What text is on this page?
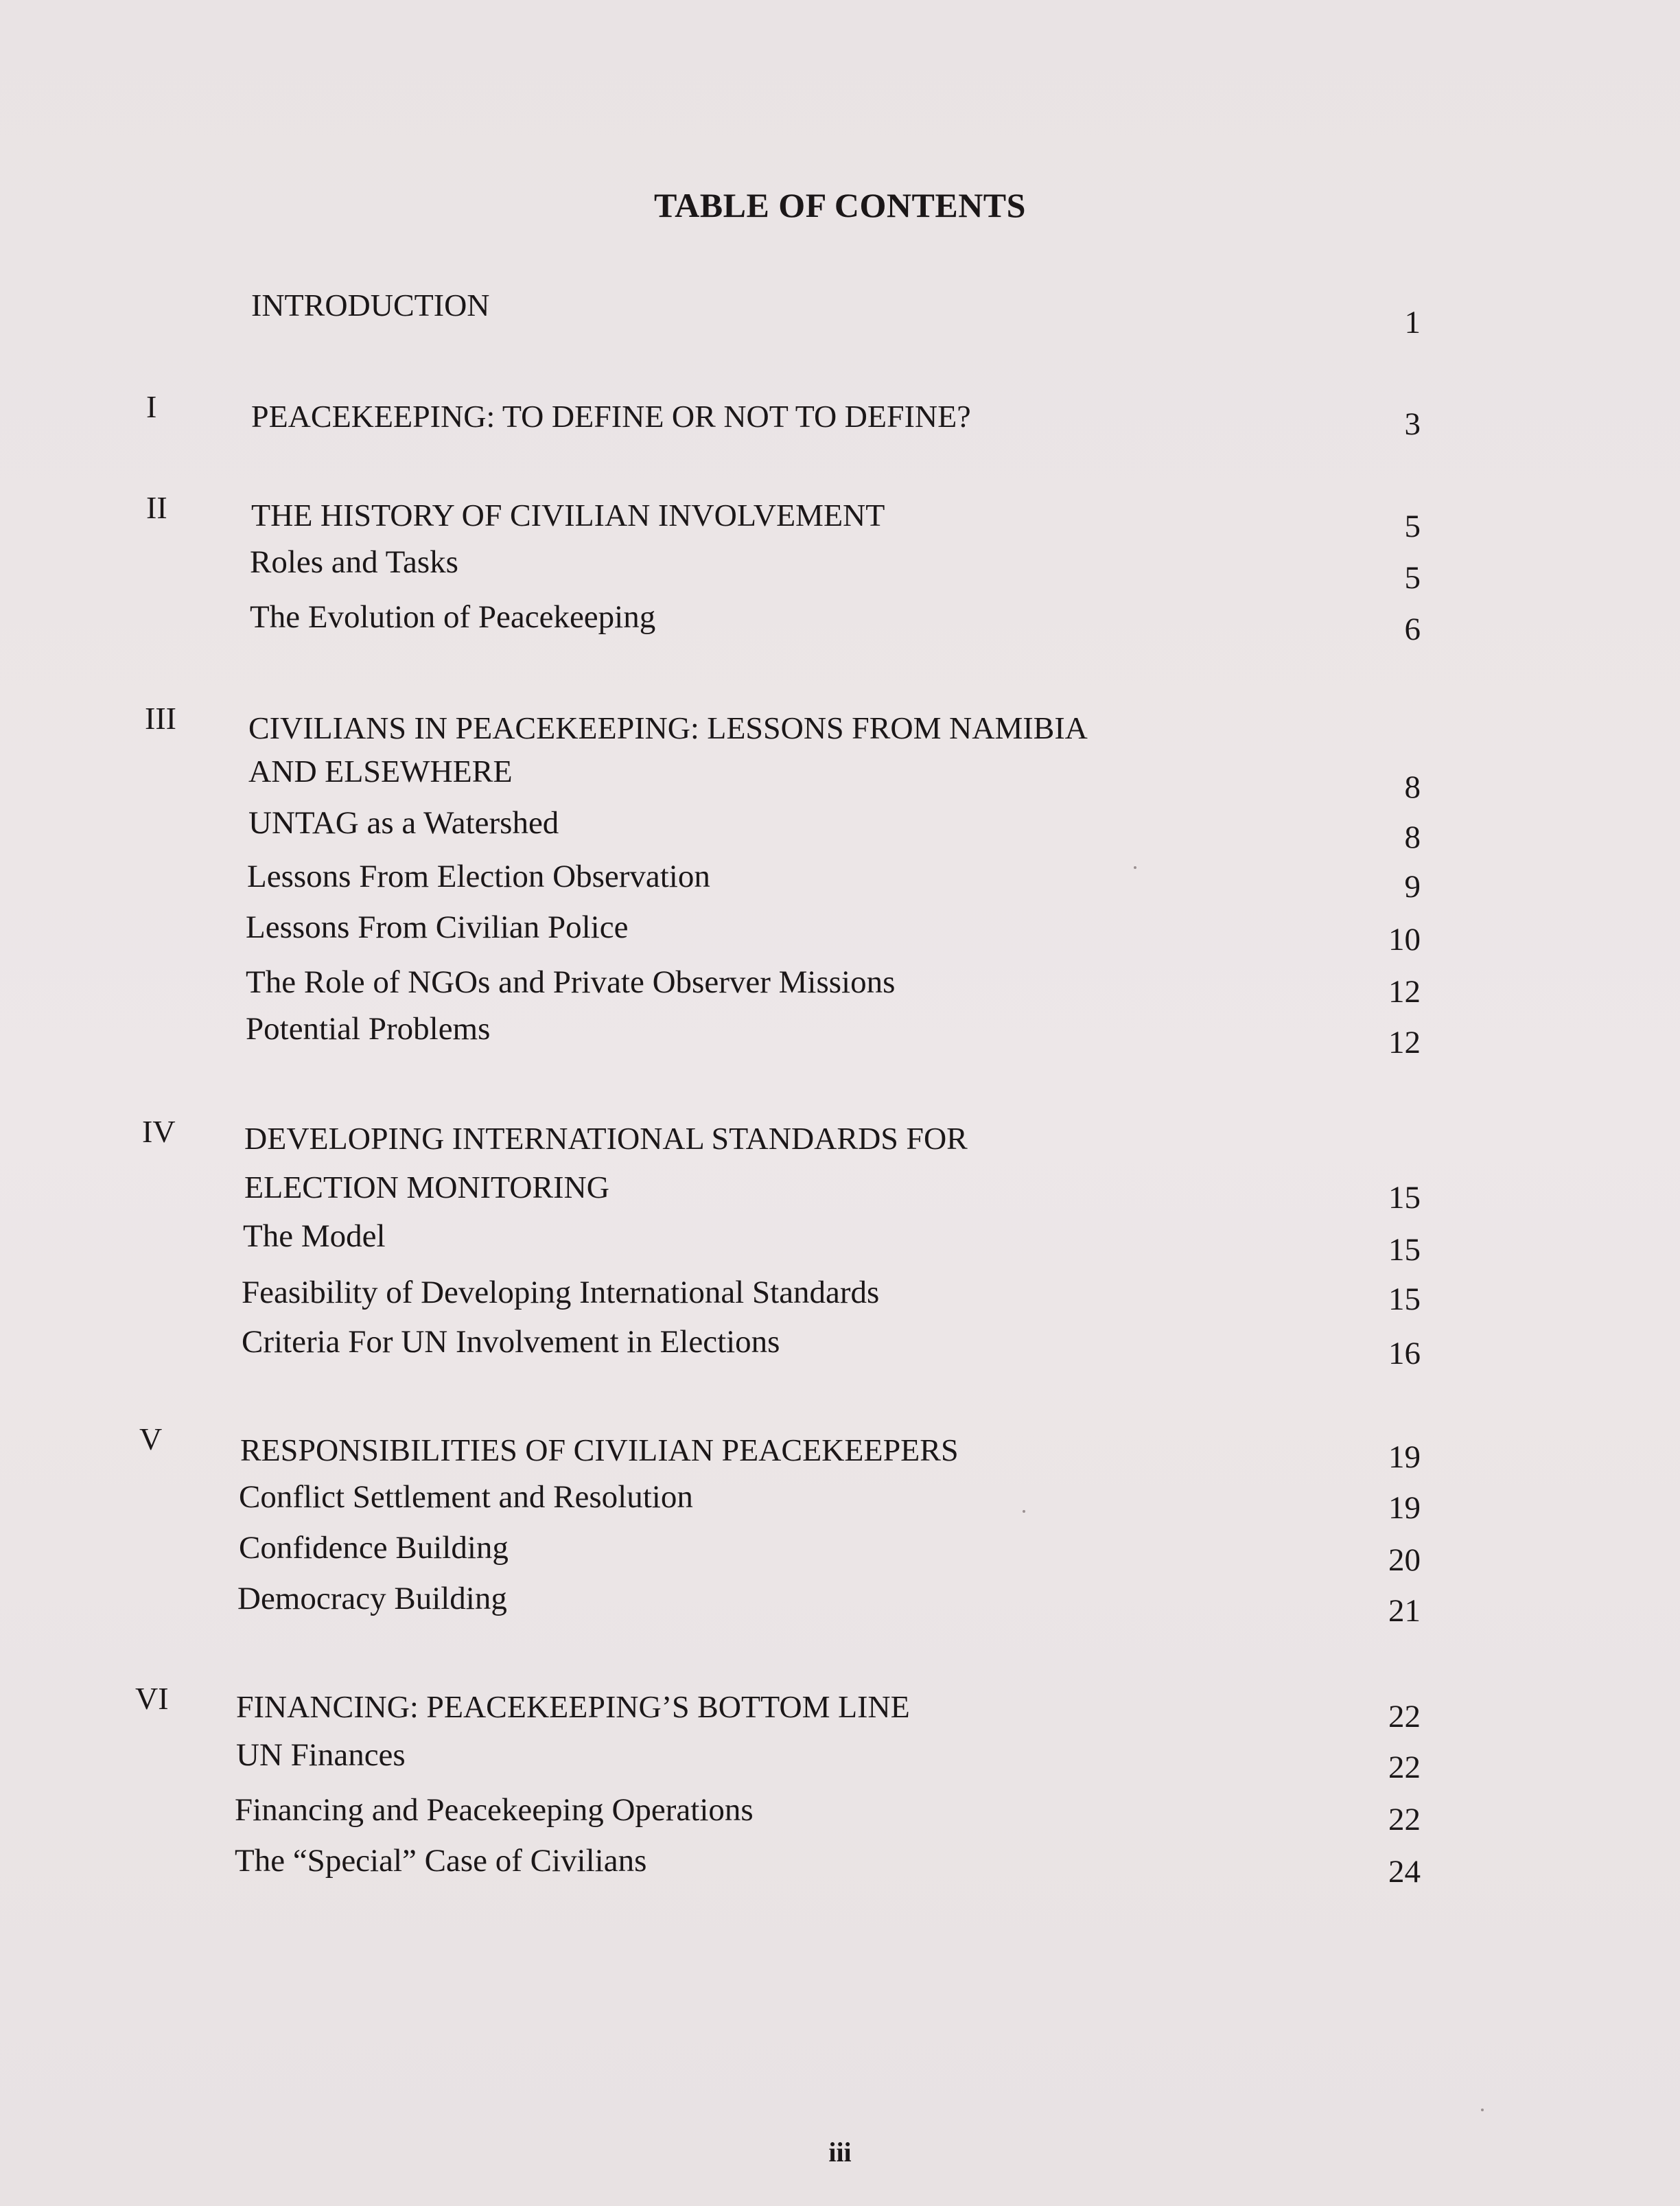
TABLE OF CONTENTS
INTRODUCTION	1
I	PEACEKEEPING: TO DEFINE OR NOT TO DEFINE?	3
II	THE HISTORY OF CIVILIAN INVOLVEMENT	5
Roles and Tasks	5
The Evolution of Peacekeeping	6
III CIVILIANS IN PEACEKEEPING: LESSONS FROM NAMIBIA
AND ELSEWHERE	8
UNTAG as a Watershed	8
Lessons From Election Observation	9
Lessons From Civilian Police	10
The Role of NGOs and Private Observer Missions	12
Potential Problems	12
IV DEVELOPING INTERNATIONAL STANDARDS FOR
ELECTION MONITORING	15
The Model	15
Feasibility of Developing International Standards	15
Criteria For UN Involvement in Elections	16
V RESPONSIBILITIES OF CIVILIAN PEACEKEEPERS	19
Conflict Settlement and Resolution	19
Confidence Building	20
Democracy Building	21
VI FINANCING: PEACEKEEPING’S BOTTOM LINE	22
UN Finances	22
Financing and Peacekeeping Operations	22
The “Special” Case of Civilians	24
iii
